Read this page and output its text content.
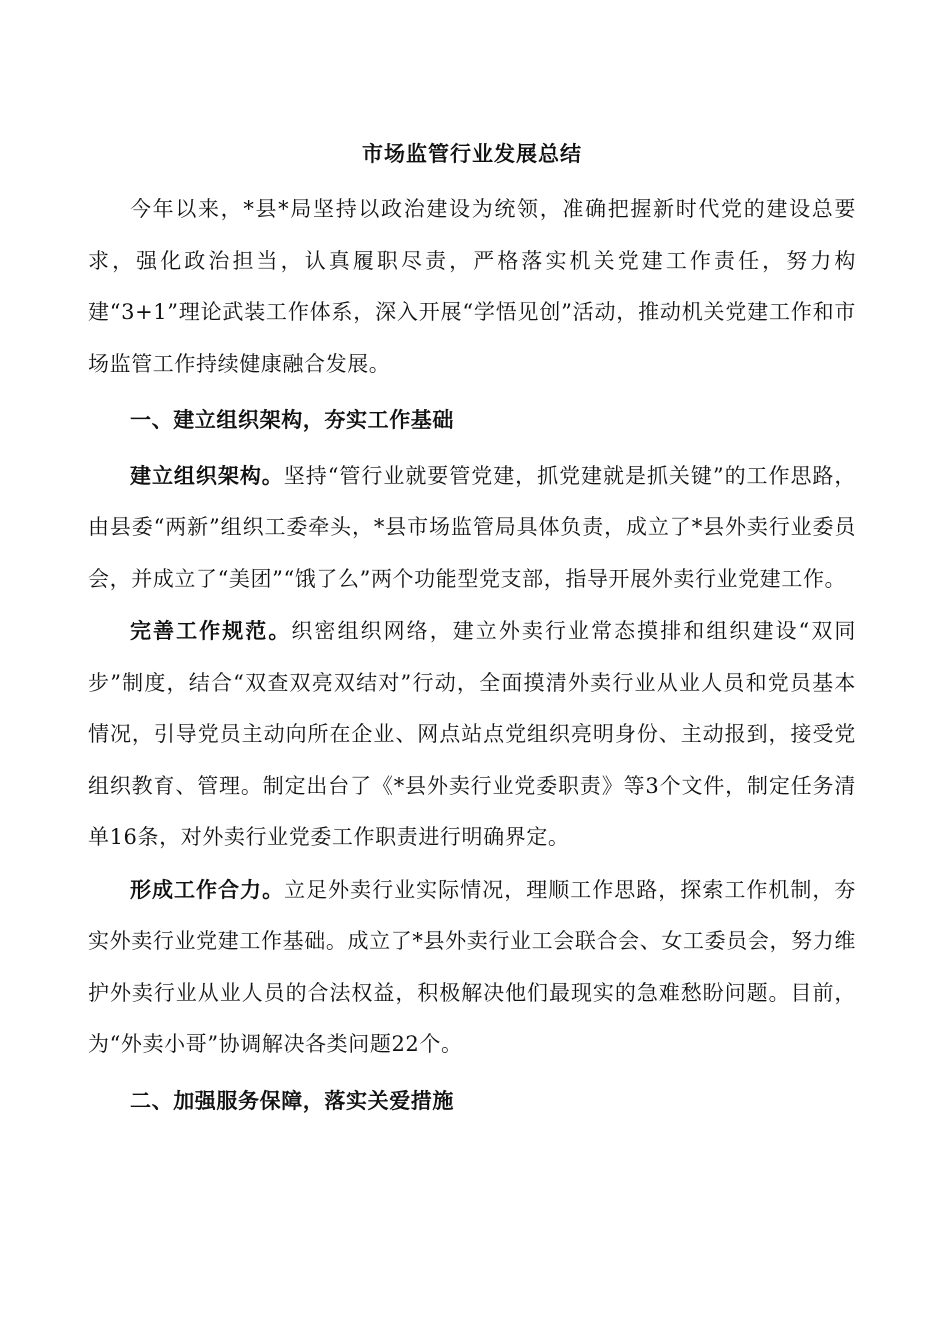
市场监管行业发展总结

今年以来，*县*局坚持以政治建设为统领，准确把握新时代党的建设总要求，强化政治担当，认真履职尽责，严格落实机关党建工作责任，努力构建“3+1”理论武装工作体系，深入开展“学悟见创”活动，推动机关党建工作和市场监管工作持续健康融合发展。

一、建立组织架构，夯实工作基础

建立组织架构。坚持“管行业就要管党建，抓党建就是抓关键”的工作思路，由县委“两新”组织工委牵头，*县市场监管局具体负责，成立了*县外卖行业委员会，并成立了“美团”“饿了么”两个功能型党支部，指导开展外卖行业党建工作。

完善工作规范。织密组织网络，建立外卖行业常态摸排和组织建设“双同步”制度，结合“双查双亮双结对”行动，全面摸清外卖行业从业人员和党员基本情况，引导党员主动向所在企业、网点站点党组织亮明身份、主动报到，接受党组织教育、管理。制定出台了《*县外卖行业党委职责》等3个文件，制定任务清单16条，对外卖行业党委工作职责进行明确界定。

形成工作合力。立足外卖行业实际情况，理顺工作思路，探索工作机制，夯实外卖行业党建工作基础。成立了*县外卖行业工会联合会、女工委员会，努力维护外卖行业从业人员的合法权益，积极解决他们最现实的急难愁盼问题。目前，为“外卖小哥”协调解决各类问题22个。

二、加强服务保障，落实关爱措施
